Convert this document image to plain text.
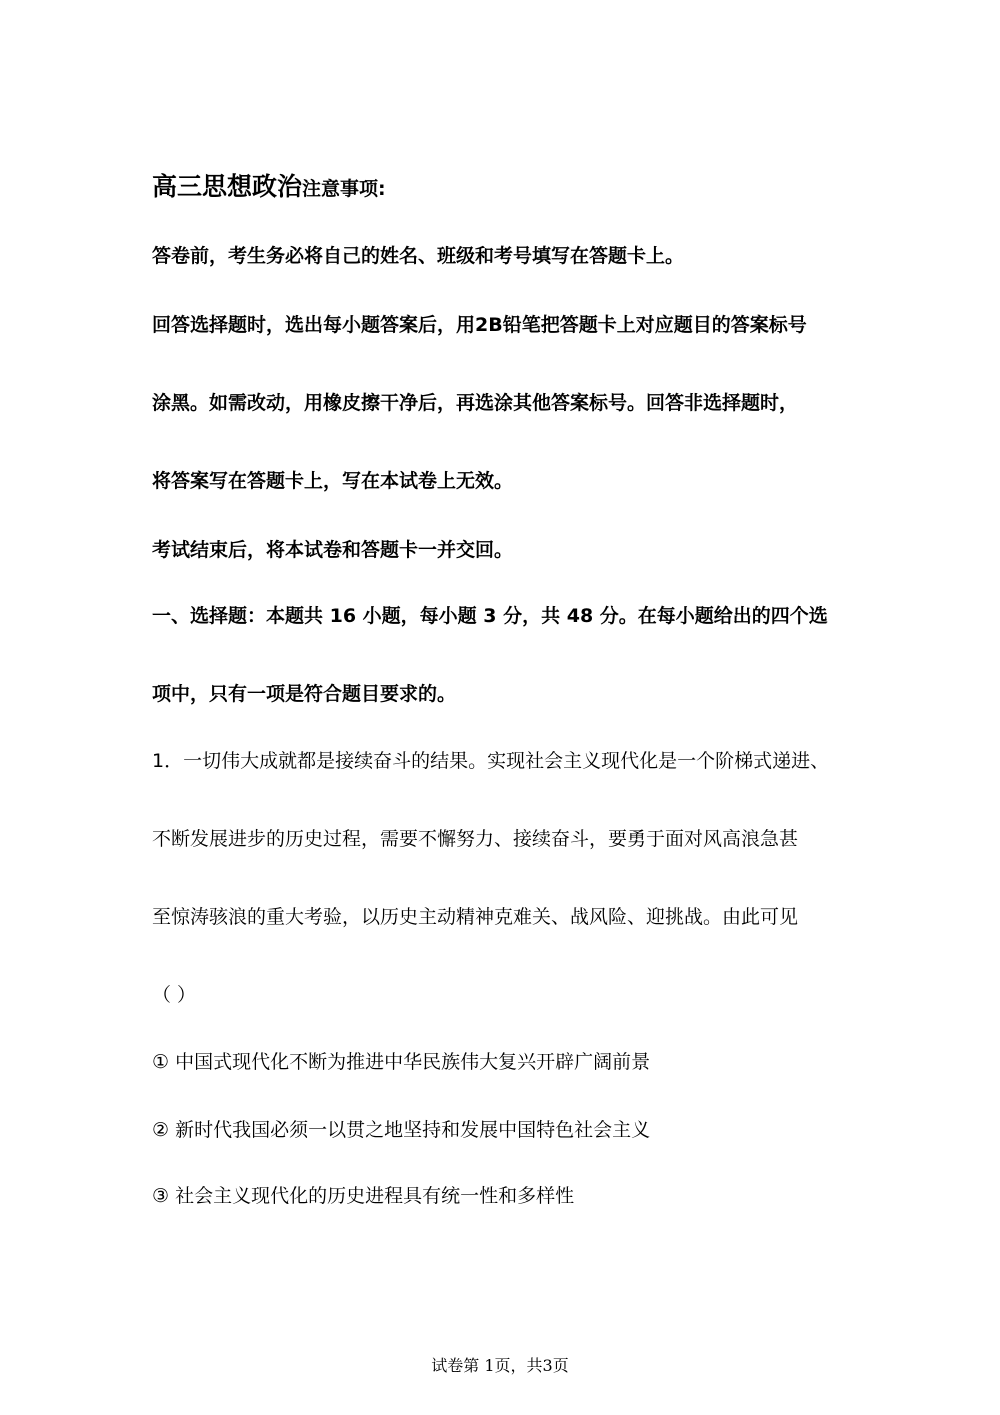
高三思想政治注意事项:
答卷前，考生务必将自己的姓名、班级和考号填写在答题卡上。
回答选择题时，选出每小题答案后，用2B铅笔把答题卡上对应题目的答案标号
涂黑。如需改动，用橡皮擦干净后，再选涂其他答案标号。回答非选择题时，
将答案写在答题卡上，写在本试卷上无效。
考试结束后，将本试卷和答题卡一并交回。
一、选择题：本题共 16 小题，每小题 3 分，共 48 分。在每小题给出的四个选
项中，只有一项是符合题目要求的。
1．一切伟大成就都是接续奋斗的结果。实现社会主义现代化是一个阶梯式递进、
不断发展进步的历史过程，需要不懈努力、接续奋斗，要勇于面对风高浪急甚
至惊涛骇浪的重大考验，以历史主动精神克难关、战风险、迎挑战。由此可见
（ ）
① 中国式现代化不断为推进中华民族伟大复兴开辟广阔前景
② 新时代我国必须一以贯之地坚持和发展中国特色社会主义
③ 社会主义现代化的历史进程具有统一性和多样性
试卷第 1页，共3页
